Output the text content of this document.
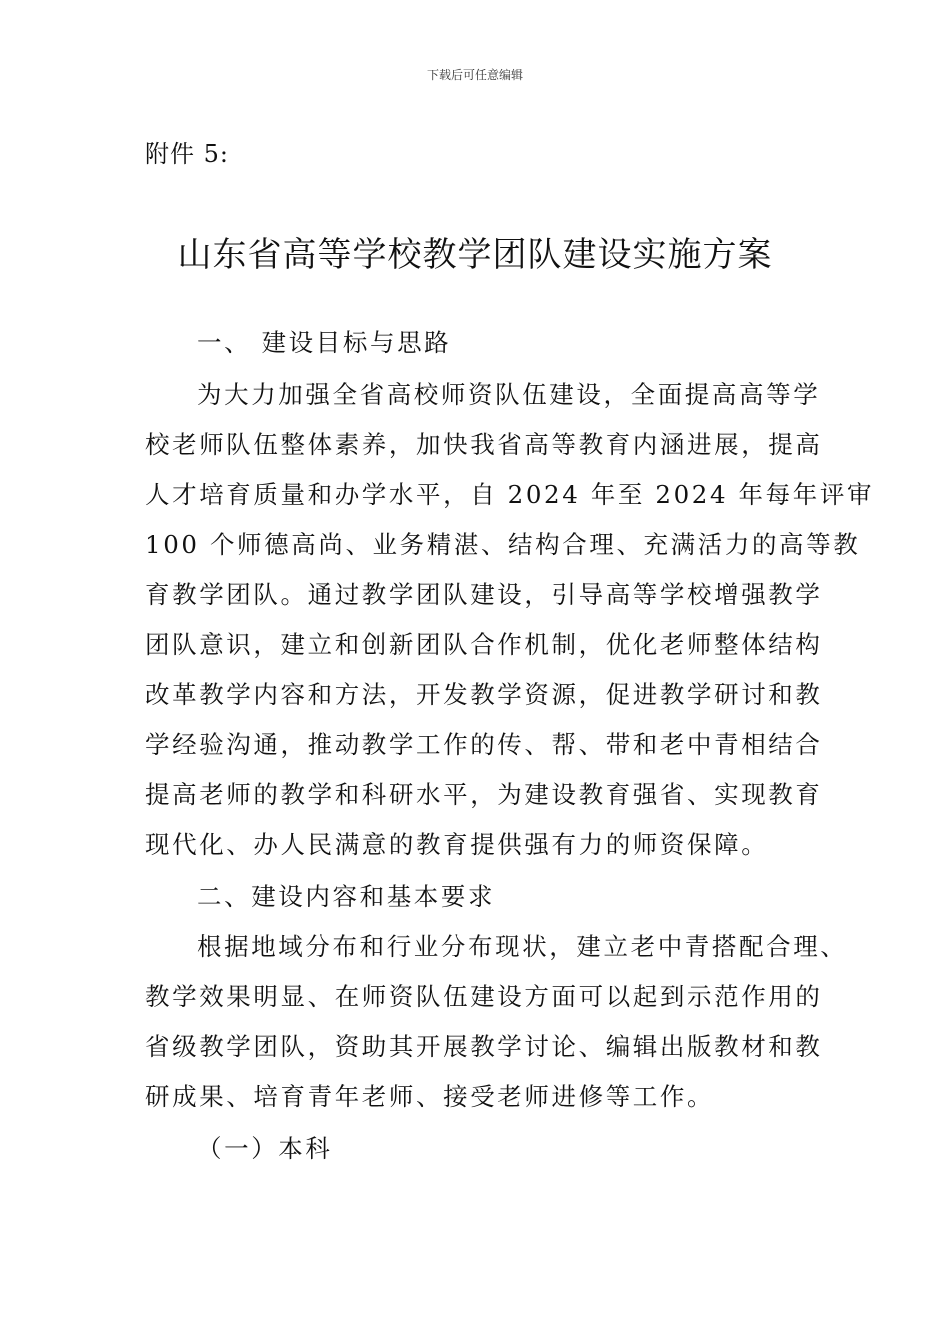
下载后可任意编辑
附件 5:
山东省高等学校教学团队建设实施方案
一、 建设目标与思路
为大力加强全省高校师资队伍建设，全面提高高等学
校老师队伍整体素养，加快我省高等教育内涵进展，提高
人才培育质量和办学水平，自 2024 年至 2024 年每年评审
100 个师德高尚、业务精湛、结构合理、充满活力的高等教
育教学团队。通过教学团队建设，引导高等学校增强教学
团队意识，建立和创新团队合作机制，优化老师整体结构
改革教学内容和方法，开发教学资源，促进教学研讨和教
学经验沟通，推动教学工作的传、帮、带和老中青相结合
提高老师的教学和科研水平，为建设教育强省、实现教育
现代化、办人民满意的教育提供强有力的师资保障。
二、建设内容和基本要求
根据地域分布和行业分布现状，建立老中青搭配合理、
教学效果明显、在师资队伍建设方面可以起到示范作用的
省级教学团队，资助其开展教学讨论、编辑出版教材和教
研成果、培育青年老师、接受老师进修等工作。
（一）本科
